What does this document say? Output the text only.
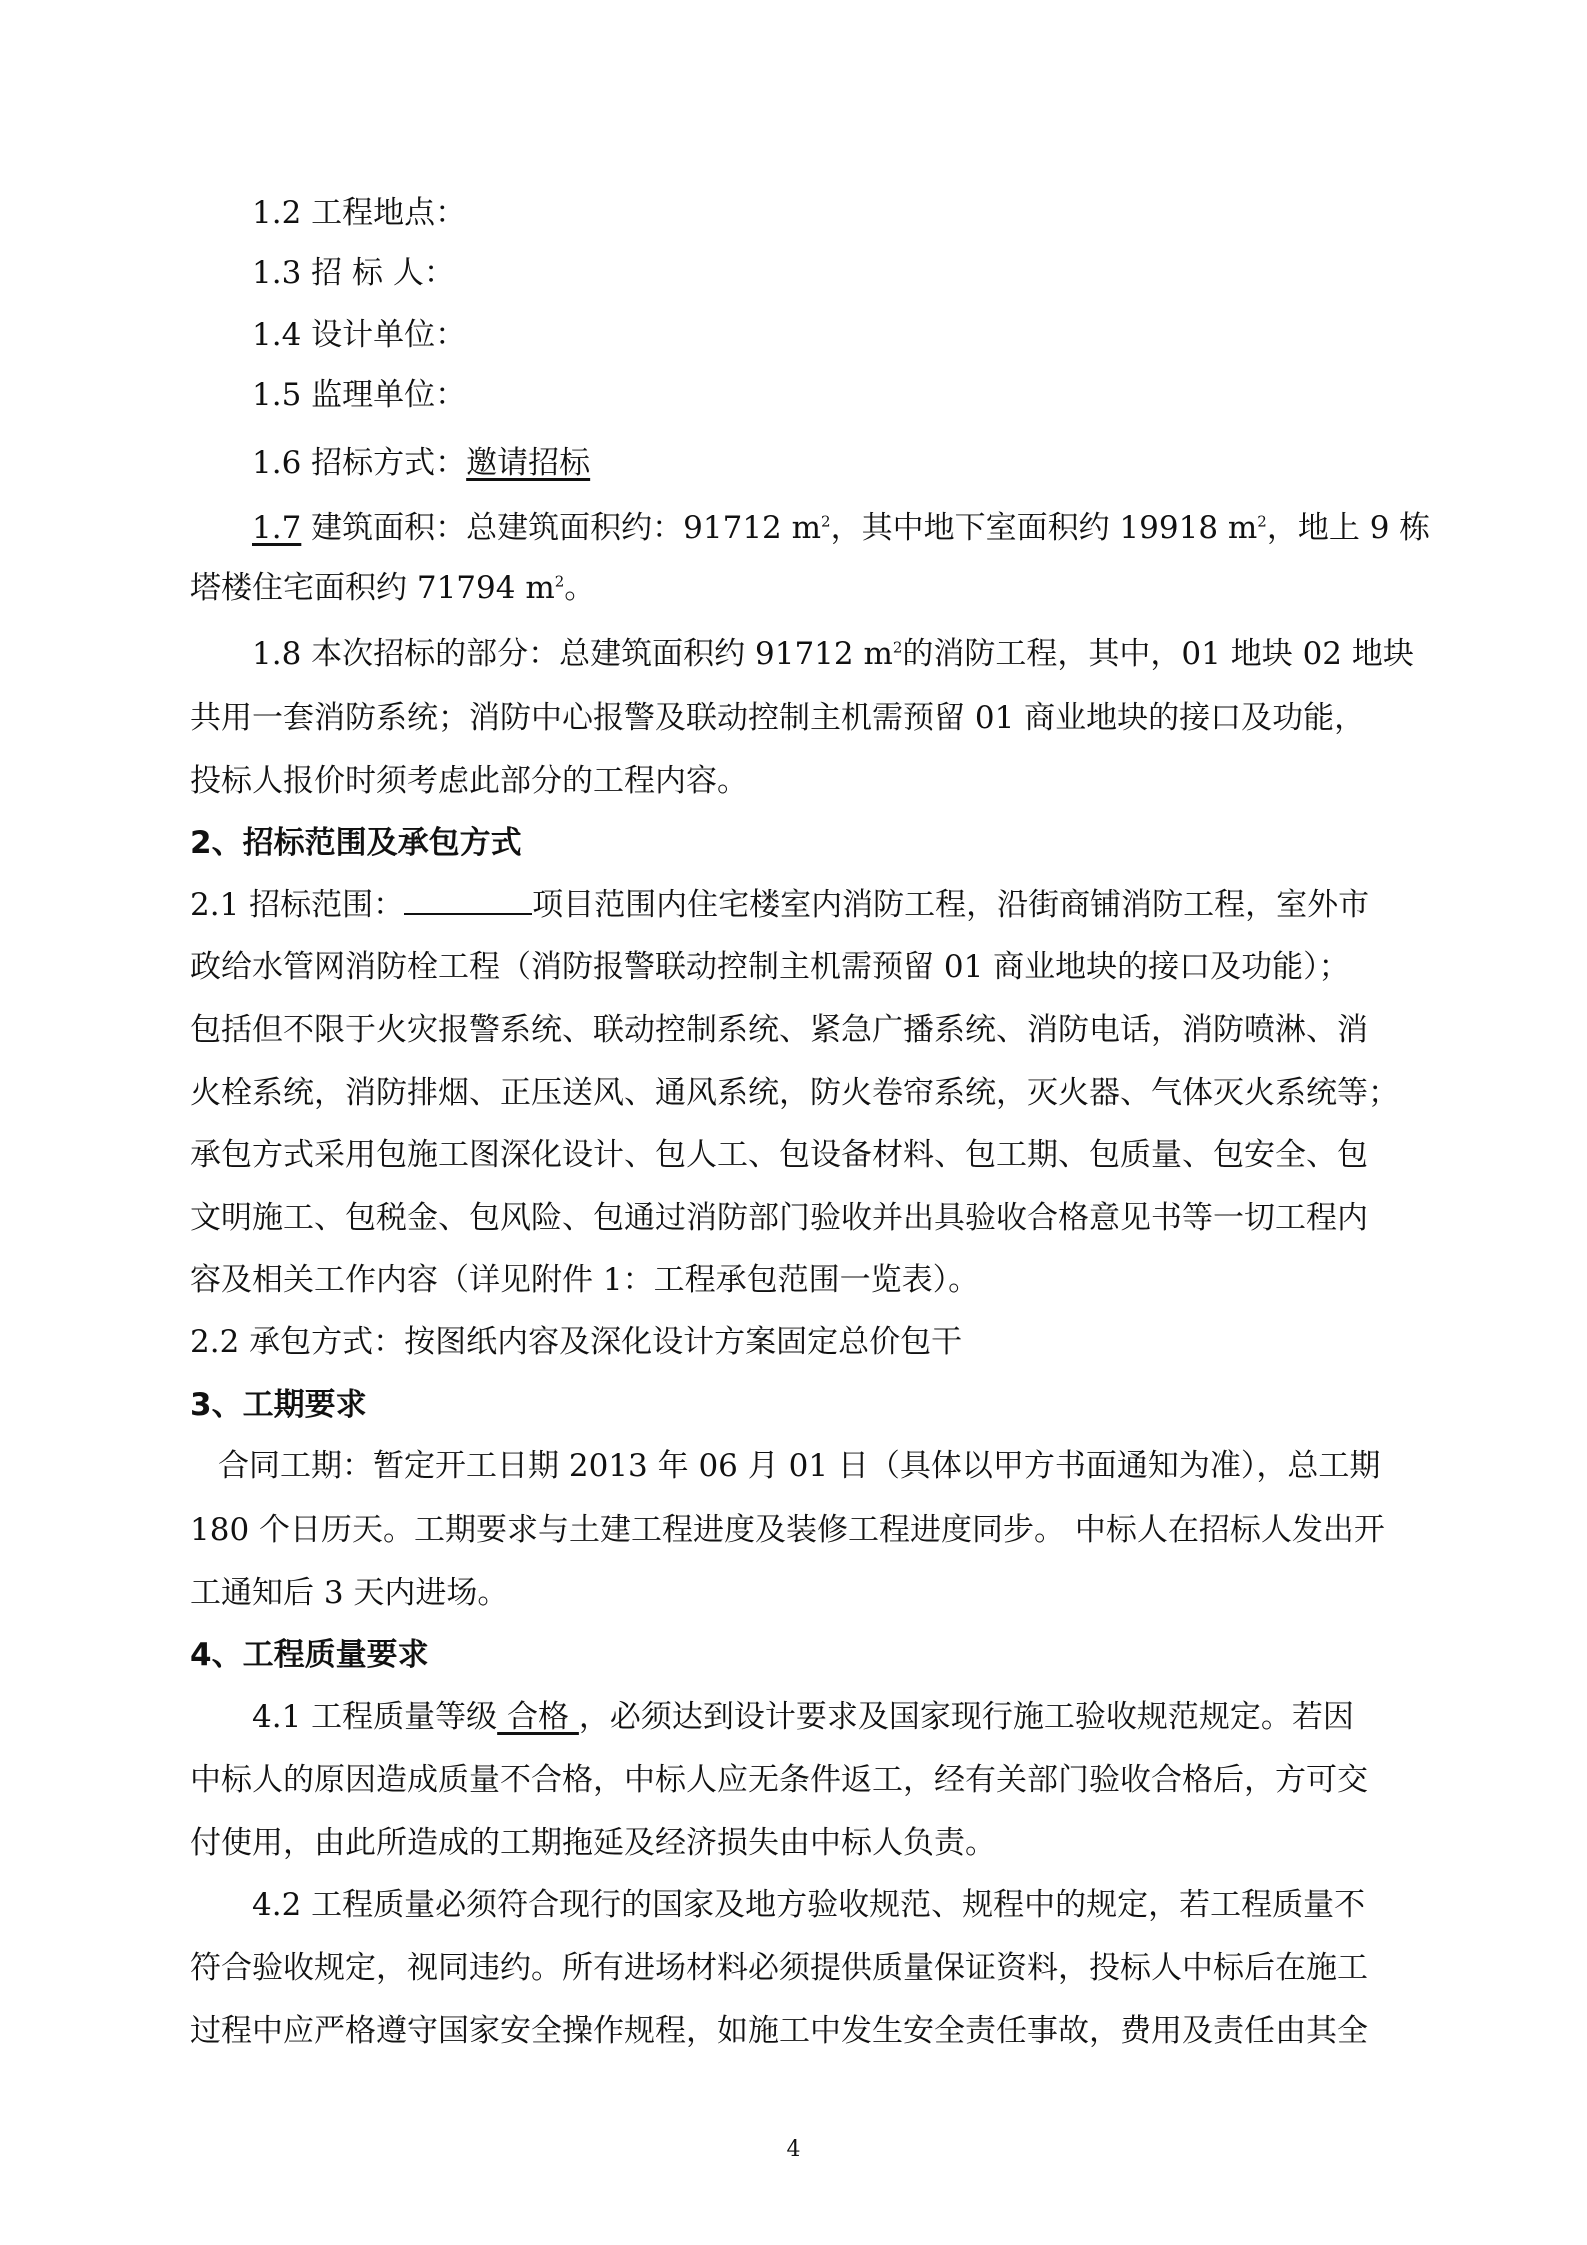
1.2 工程地点：
1.3 招 标 人：
1.4 设计单位：
1.5 监理单位：
1.6 招标方式：邀请招标
1.7 建筑面积：总建筑面积约：91712 $m^2$，其中地下室面积约 19918 $m^2$，地上 9 栋
塔楼住宅面积约 71794 $m^2$。
1.8 本次招标的部分：总建筑面积约 91712 $m^2$的消防工程，其中，01 地块 02 地块
共用一套消防系统；消防中心报警及联动控制主机需预留 01 商业地块的接口及功能，
投标人报价时须考虑此部分的工程内容。
2、招标范围及承包方式
2.1 招标范围：	项目范围内住宅楼室内消防工程，沿街商铺消防工程，室外市
政给水管网消防栓工程（消防报警联动控制主机需预留 01 商业地块的接口及功能）；
包括但不限于火灾报警系统、联动控制系统、紧急广播系统、消防电话，消防喷淋、消
火栓系统，消防排烟、正压送风、通风系统，防火卷帘系统，灭火器、气体灭火系统等；
承包方式采用包施工图深化设计、包人工、包设备材料、包工期、包质量、包安全、包
文明施工、包税金、包风险、包通过消防部门验收并出具验收合格意见书等一切工程内
容及相关工作内容（详见附件 1：工程承包范围一览表）。
2.2 承包方式：按图纸内容及深化设计方案固定总价包干
3、工期要求
合同工期：暂定开工日期 2013 年 06 月 01 日（具体以甲方书面通知为准），总工期
180 个日历天。工期要求与土建工程进度及装修工程进度同步。 中标人在招标人发出开
工通知后 3 天内进场。
4、工程质量要求
4.1 工程质量等级 合格 ，必须达到设计要求及国家现行施工验收规范规定。若因
中标人的原因造成质量不合格，中标人应无条件返工，经有关部门验收合格后，方可交
付使用，由此所造成的工期拖延及经济损失由中标人负责。
4.2 工程质量必须符合现行的国家及地方验收规范、规程中的规定，若工程质量不
符合验收规定，视同违约。所有进场材料必须提供质量保证资料，投标人中标后在施工
过程中应严格遵守国家安全操作规程，如施工中发生安全责任事故，费用及责任由其全
4
